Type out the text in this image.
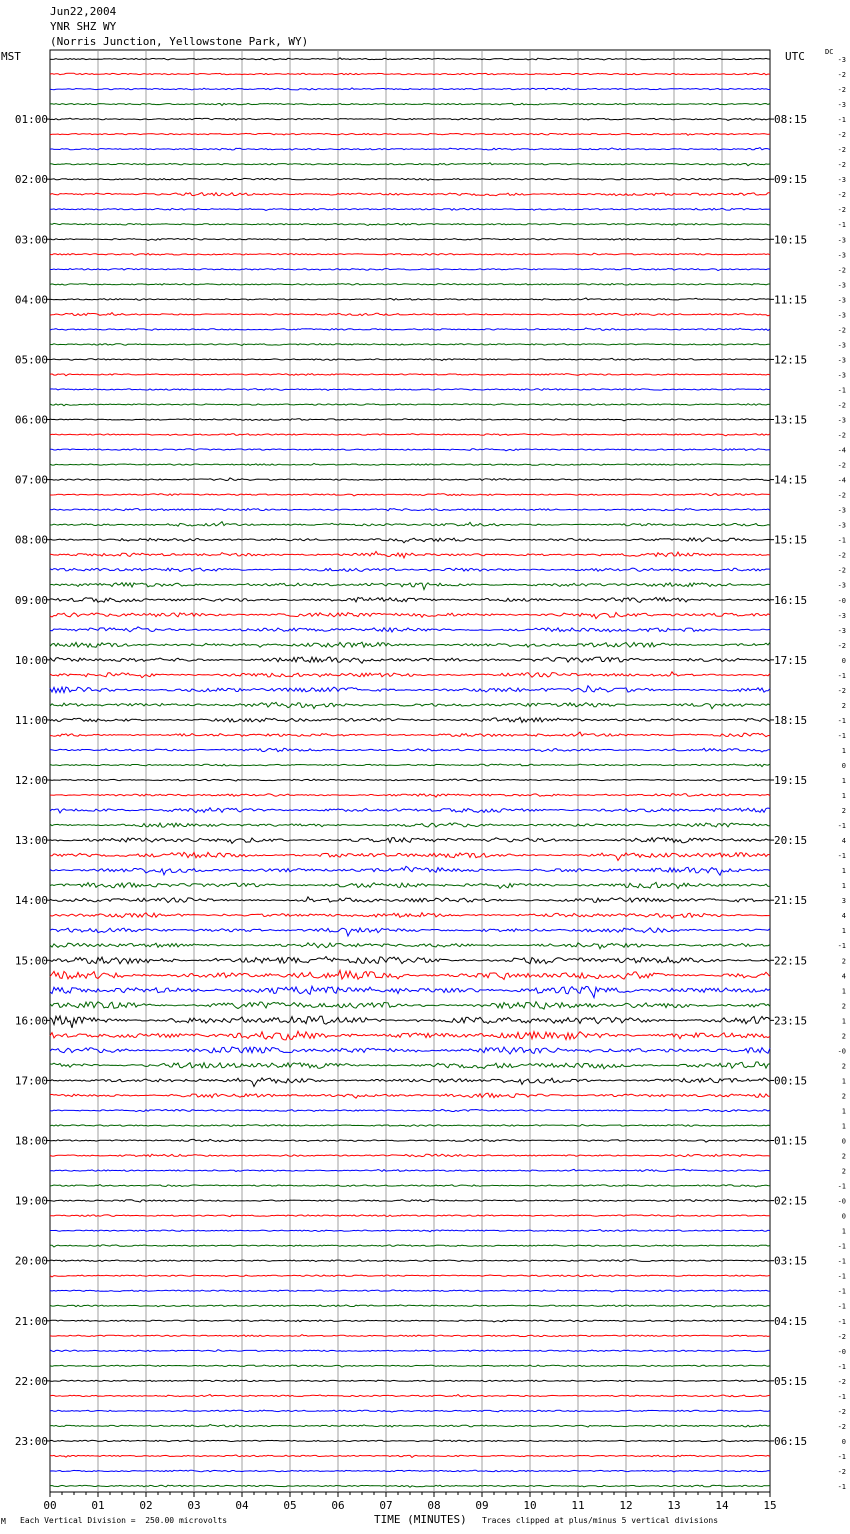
Jun22,2004
YNR SHZ WY
(Norris Junction, Yellowstone Park, WY)
MST	UTC	DC
00	01	02	03	04	05	06	07	08	09	10	11	12	13	14	15
-3
-2
-2
-3
01:00	08:15	-1
-2
-2
-2
02:00	09:15	-3
-2
-2
-1
03:00	10:15	-3
-3
-2
-3
04:00	11:15	-3
-3
-2
-3
05:00	12:15	-3
-3
-1
-2
06:00	13:15	-3
-2
-4
-2
07:00	14:15	-4
-2
-3
-3
08:00	15:15	-1
-2
-2
-3
09:00	16:15	-0
-3
-3
-2
10:00	17:15	0
-1
-2
2
11:00	18:15	-1
-1
1
0
12:00	19:15	1
1
2
-1
13:00	20:15	4
-1
1
1
14:00	21:15	3
4
1
-1
15:00	22:15	2
4
1
2
16:00	23:15	1
2
-0
2
17:00	00:15	1
2
1
1
18:00	01:15	0
2
2
-1
19:00	02:15	-0
0
1
-1
20:00	03:15	-1
-1
-1
-1
21:00	04:15	-1
-2
-0
-1
22:00	05:15	-2
-1
-2
-2
23:00	06:15	0
-1
-2
-1
M Each Vertical Division =  250.00 microvolts	TIME (MINUTES) Traces clipped at plus/minus 5 vertical divisions
